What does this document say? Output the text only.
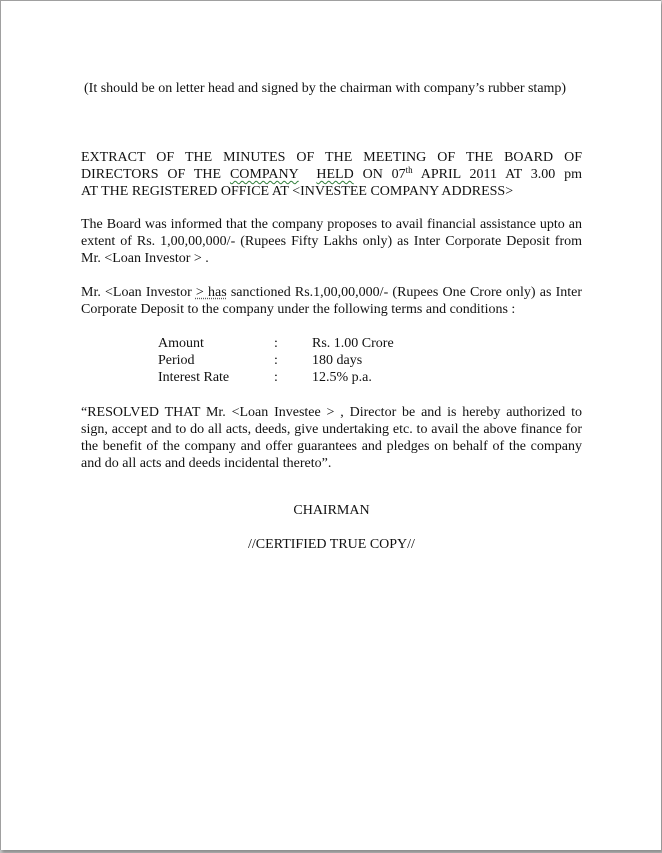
(It should be on letter head and signed by the chairman with company’s rubber stamp)

EXTRACT OF THE MINUTES OF THE MEETING OF THE BOARD OF
DIRECTORS OF THE COMPANY HELD ON 07th APRIL 2011 AT 3.00 pm
AT THE REGISTERED OFFICE AT <INVESTEE COMPANY ADDRESS>

The Board was informed that the company proposes to avail financial assistance upto an extent of Rs. 1,00,00,000/- (Rupees Fifty Lakhs only) as Inter Corporate Deposit from Mr. <Loan Investor > .

Mr. <Loan Investor > has sanctioned Rs.1,00,00,000/- (Rupees One Crore only) as Inter Corporate Deposit to the company under the following terms and conditions :

Amount	:	Rs. 1.00 Crore
Period	:	180 days
Interest Rate	:	12.5% p.a.

“RESOLVED THAT Mr. <Loan Investee > , Director be and is hereby authorized to sign, accept and to do all acts, deeds, give undertaking etc. to avail the above finance for the benefit of the company and offer guarantees and pledges on behalf of the company and do all acts and deeds incidental thereto”.

CHAIRMAN

//CERTIFIED TRUE COPY//
